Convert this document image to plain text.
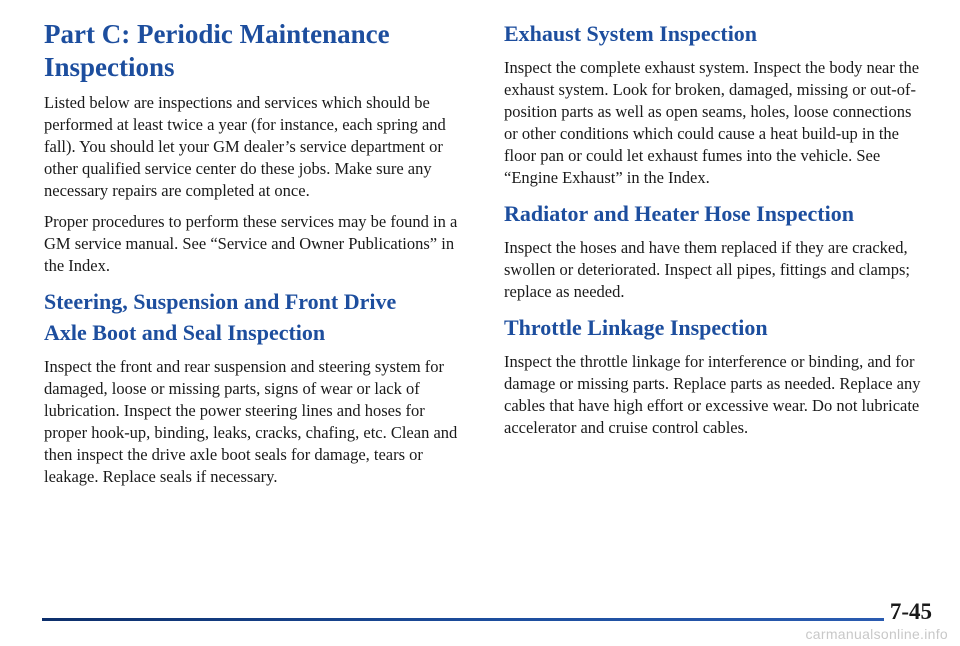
Part C: Periodic Maintenance
Inspections

Listed below are inspections and services which should be performed at least twice a year (for instance, each spring and fall). You should let your GM dealer’s service department or other qualified service center do these jobs. Make sure any necessary repairs are completed at once.

Proper procedures to perform these services may be found in a GM service manual. See “Service and Owner Publications” in the Index.

Steering, Suspension and Front Drive
Axle Boot and Seal Inspection

Inspect the front and rear suspension and steering system for damaged, loose or missing parts, signs of wear or lack of lubrication. Inspect the power steering lines and hoses for proper hook-up, binding, leaks, cracks, chafing, etc. Clean and then inspect the drive axle boot seals for damage, tears or leakage. Replace seals if necessary.

Exhaust System Inspection

Inspect the complete exhaust system. Inspect the body near the exhaust system. Look for broken, damaged, missing or out-of-position parts as well as open seams, holes, loose connections or other conditions which could cause a heat build-up in the floor pan or could let exhaust fumes into the vehicle. See “Engine Exhaust” in the Index.

Radiator and Heater Hose Inspection

Inspect the hoses and have them replaced if they are cracked, swollen or deteriorated. Inspect all pipes, fittings and clamps; replace as needed.

Throttle Linkage Inspection

Inspect the throttle linkage for interference or binding, and for damage or missing parts. Replace parts as needed. Replace any cables that have high effort or excessive wear. Do not lubricate accelerator and cruise control cables.

7-45
carmanualsonline.info
